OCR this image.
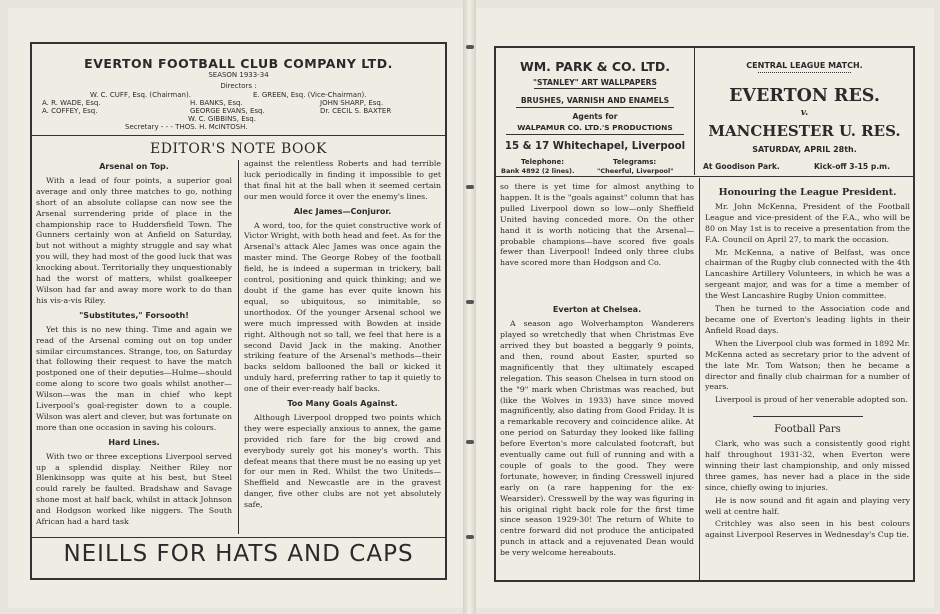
EVERTON FOOTBALL CLUB COMPANY LTD.
SEASON 1933-34
Directors :
W. C. CUFF, Esq. (Chairman).	E. GREEN, Esq. (Vice-Chairman).
A. R. WADE, Esq.	H. BANKS, Esq.	JOHN SHARP, Esq.
A. COFFEY, Esq.	GEORGE EVANS, Esq.	Dr. CECIL S. BAXTER
W. C. GIBBINS, Esq.
Secretary - - - THOS. H. McINTOSH.
EDITOR'S NOTE BOOK
Arsenal on Top.

With a lead of four points, a superior goal average and only three matches to go, nothing short of an absolute collapse can now see the Arsenal surrendering pride of place in the championship race to Huddersfield Town. The Gunners certainly won at Anfield on Saturday, but not without a mighty struggle and say what you will, they had most of the good luck that was knocking about. Territorially they unquestionably had the worst of matters, whilst goalkeeper Wilson had far and away more work to do than his vis-a-vis Riley.

"Substitutes," Forsooth!

Yet this is no new thing. Time and again we read of the Arsenal coming out on top under similar circumstances. Strange, too, on Saturday that following their request to have the match postponed one of their deputies—Hulme—should come along to score two goals whilst another—Wilson—was the man in chief who kept Liverpool's goal-register down to a couple. Wilson was alert and clever, but was fortunate on more than one occasion in saving his colours.

Hard Lines.

With two or three exceptions Liverpool served up a splendid display. Neither Riley nor Blenkinsopp was quite at his best, but Steel could rarely be faulted. Bradshaw and Savage shone most at half back, whilst in attack Johnson and Hodgson worked like niggers. The South African had a hard task

against the relentless Roberts and had terrible luck periodically in finding it impossible to get that final hit at the ball when it seemed certain our men would force it over the enemy's lines.

Alec James—Conjuror.

A word, too, for the quiet constructive work of Victor Wright, with both head and feet. As for the Arsenal's attack Alec James was once again the master mind. The George Robey of the football field, he is indeed a superman in trickery, ball control, positioning and quick thinking; and we doubt if the game has ever quite known his equal, so ubiquitous, so inimitable, so unorthodox. Of the younger Arsenal school we were much impressed with Bowden at inside right. Although not so tall, we feel that here is a second David Jack in the making. Another striking feature of the Arsenal's methods—their backs seldom ballooned the ball or kicked it unduly hard, preferring rather to tap it quietly to one of their ever-ready half backs.

Too Many Goals Against.

Although Liverpool dropped two points which they were especially anxious to annex, the game provided rich fare for the big crowd and everybody surely got his money's worth. This defeat means that there must be no easing up yet for our men in Red. Whilst the two Uniteds—Sheffield and Newcastle are in the gravest danger, five other clubs are not yet absolutely safe,

NEILLS FOR HATS AND CAPS
WM. PARK & CO. LTD.
"STANLEY" ART WALLPAPERS
BRUSHES, VARNISH AND ENAMELS
Agents for
WALPAMUR CO. LTD.'S PRODUCTIONS
15 & 17 Whitechapel, Liverpool
Telephone:
Bank 4892 (2 lines).
Telegrams:
"Cheerful, Liverpool"
CENTRAL LEAGUE MATCH.
EVERTON RES.
v.
MANCHESTER U. RES.
SATURDAY, APRIL 28th.
At Goodison Park.	Kick-off 3-15 p.m.

so there is yet time for almost anything to happen. It is the "goals against" column that has pulled Liverpool down so low—only Sheffield United having conceded more. On the other hand it is worth noticing that the Arsenal—probable champions—have scored five goals fewer than Liverpool! Indeed only three clubs have scored more than Hodgson and Co.

Everton at Chelsea.

A season ago Wolverhampton Wanderers played so wretchedly that when Christmas Eve arrived they but boasted a beggarly 9 points, and then, round about Easter, spurted so magnificently that they ultimately escaped relegation. This season Chelsea in turn stood on the "9" mark when Christmas was reached, but (like the Wolves in 1933) have since moved magnificently, also dating from Good Friday. It is a remarkable recovery and coincidence alike. At one period on Saturday they looked like falling before Everton's more calculated footcraft, but eventually came out full of running and with a couple of goals to the good. They were fortunate, however, in finding Cresswell injured early on (a rare happening for the ex-Wearsider). Cresswell by the way was figuring in his original right back role for the first time since season 1929-30! The return of White to centre forward did not produce the anticipated punch in attack and a rejuvenated Dean would be very welcome hereabouts.

Honouring the League President.

Mr. John McKenna, President of the Football League and vice-president of the F.A., who will be 80 on May 1st is to receive a presentation from the F.A. Council on April 27, to mark the occasion.

Mr. McKenna, a native of Belfast, was once chairman of the Rugby club connected with the 4th Lancashire Artillery Volunteers, in which he was a sergeant major, and was for a time a member of the West Lancashire Rugby Union committee.

Then he turned to the Association code and became one of Everton's leading lights in their Anfield Road days.

When the Liverpool club was formed in 1892 Mr. McKenna acted as secretary prior to the advent of the late Mr. Tom Watson; then he became a director and finally club chairman for a number of years.

Liverpool is proud of her venerable adopted son.

Football Pars

Clark, who was such a consistently good right half throughout 1931-32, when Everton were winning their last championship, and only missed three games, has never had a place in the side since, chiefly owing to injuries.

He is now sound and fit again and playing very well at centre half.

Critchley was also seen in his best colours against Liverpool Reserves in Wednesday's Cup tie.
